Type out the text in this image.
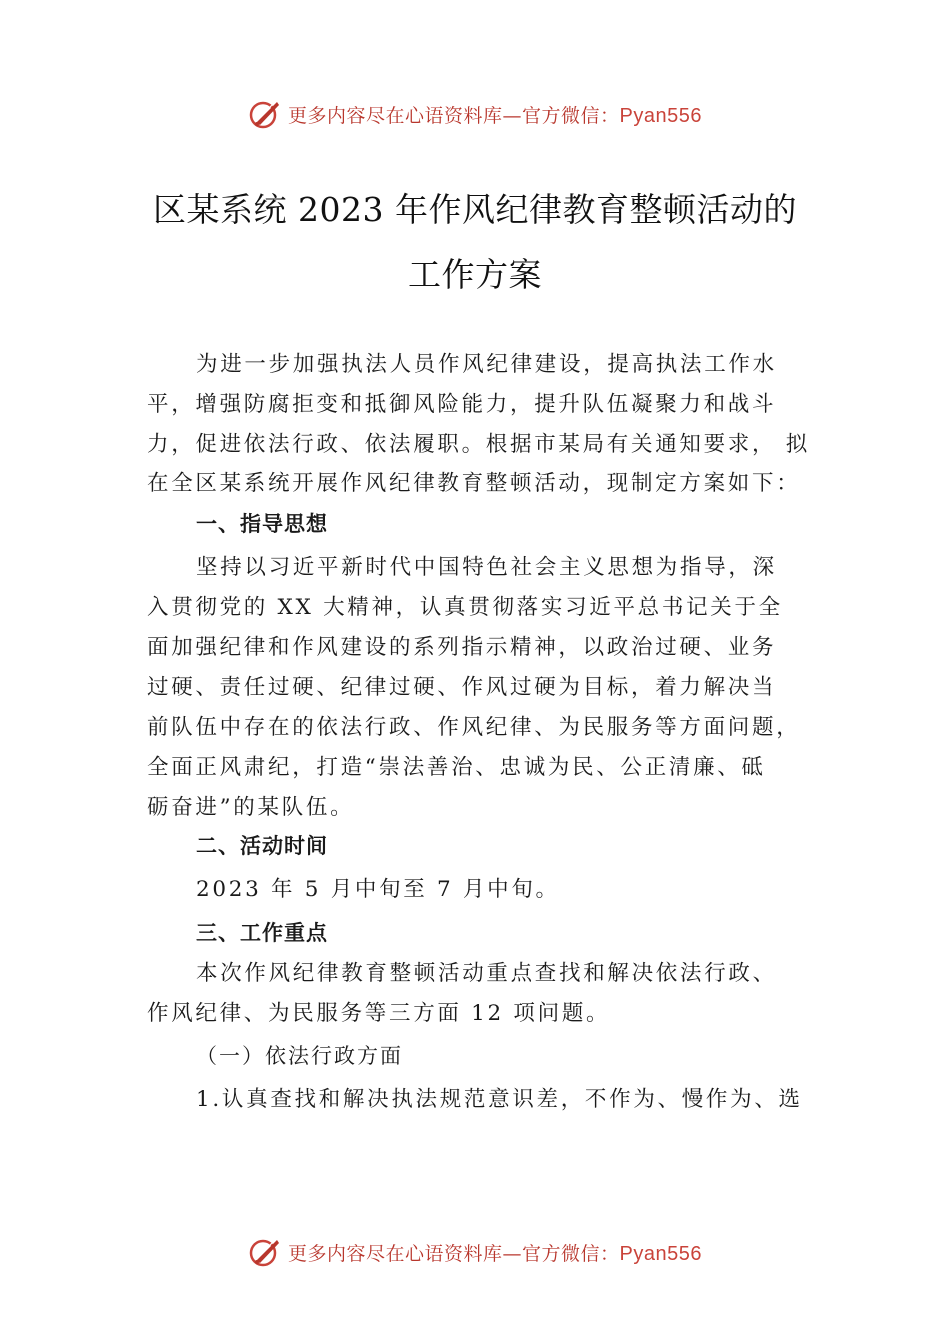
更多内容尽在心语资料库—官方微信：Pyan556
区某系统 2023 年作风纪律教育整顿活动的
工作方案
为进一步加强执法人员作风纪律建设，提高执法工作水
平，增强防腐拒变和抵御风险能力，提升队伍凝聚力和战斗
力，促进依法行政、依法履职。根据市某局有关通知要求， 拟
在全区某系统开展作风纪律教育整顿活动，现制定方案如下：
一、指导思想
坚持以习近平新时代中国特色社会主义思想为指导，深
入贯彻党的 XX 大精神，认真贯彻落实习近平总书记关于全
面加强纪律和作风建设的系列指示精神，以政治过硬、业务
过硬、责任过硬、纪律过硬、作风过硬为目标，着力解决当
前队伍中存在的依法行政、作风纪律、为民服务等方面问题，
全面正风肃纪，打造“崇法善治、忠诚为民、公正清廉、砥
砺奋进”的某队伍。
二、活动时间
2023 年 5 月中旬至 7 月中旬。
三、工作重点
本次作风纪律教育整顿活动重点查找和解决依法行政、
作风纪律、为民服务等三方面 12 项问题。
（一）依法行政方面
1.认真查找和解决执法规范意识差，不作为、慢作为、选
更多内容尽在心语资料库—官方微信：Pyan556
